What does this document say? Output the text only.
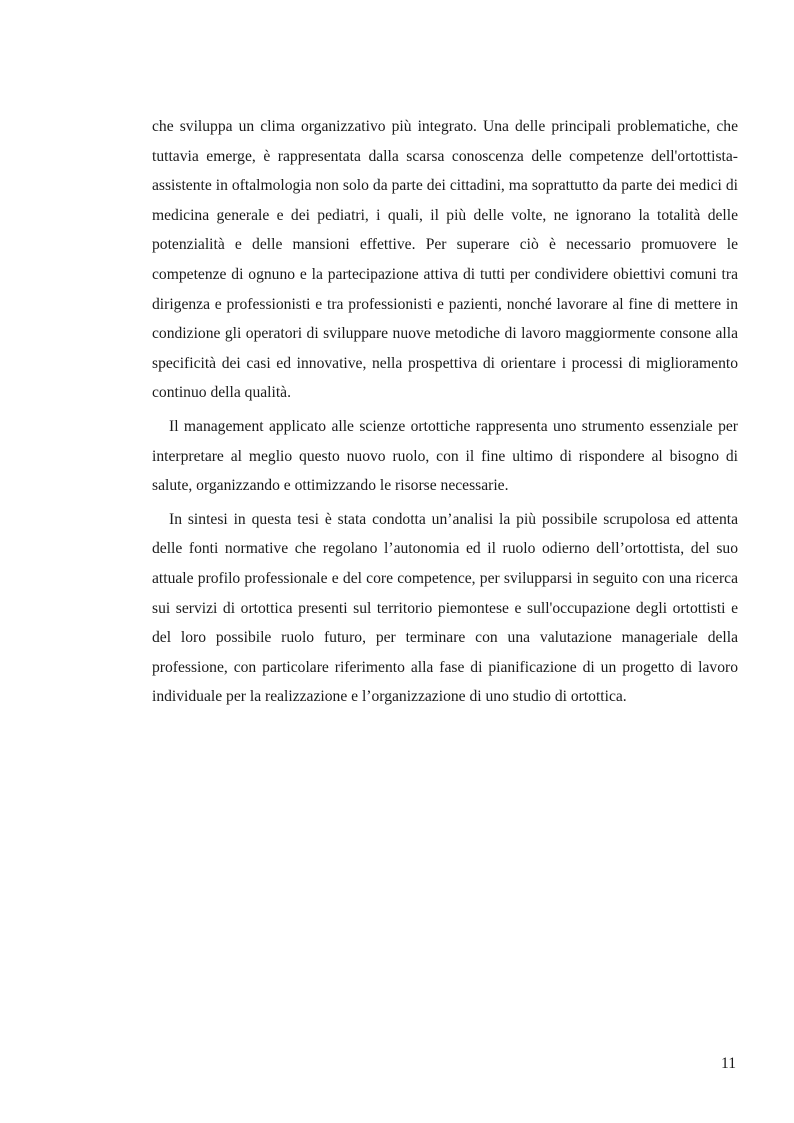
che sviluppa un clima organizzativo più integrato. Una delle principali problematiche, che tuttavia emerge, è rappresentata dalla scarsa conoscenza delle competenze dell'ortottista-assistente in oftalmologia non solo da parte dei cittadini, ma soprattutto da parte dei medici di medicina generale e dei pediatri, i quali, il più delle volte, ne ignorano la totalità delle potenzialità e delle mansioni effettive. Per superare ciò è necessario promuovere le competenze di ognuno e la partecipazione attiva di tutti per condividere obiettivi comuni tra dirigenza e professionisti e tra professionisti e pazienti, nonché lavorare al fine di mettere in condizione gli operatori di sviluppare nuove metodiche di lavoro maggiormente consone alla specificità dei casi ed innovative, nella prospettiva di orientare i processi di miglioramento continuo della qualità.

Il management applicato alle scienze ortottiche rappresenta uno strumento essenziale per interpretare al meglio questo nuovo ruolo, con il fine ultimo di rispondere al bisogno di salute, organizzando e ottimizzando le risorse necessarie.

In sintesi in questa tesi è stata condotta un’analisi la più possibile scrupolosa ed attenta delle fonti normative che regolano l’autonomia ed il ruolo odierno dell’ortottista, del suo attuale profilo professionale e del core competence, per svilupparsi in seguito con una ricerca sui servizi di ortottica presenti sul territorio piemontese e sull'occupazione degli ortottisti e del loro possibile ruolo futuro, per terminare con una valutazione manageriale della professione, con particolare riferimento alla fase di pianificazione di un progetto di lavoro individuale per la realizzazione e l’organizzazione di uno studio di ortottica.

11
